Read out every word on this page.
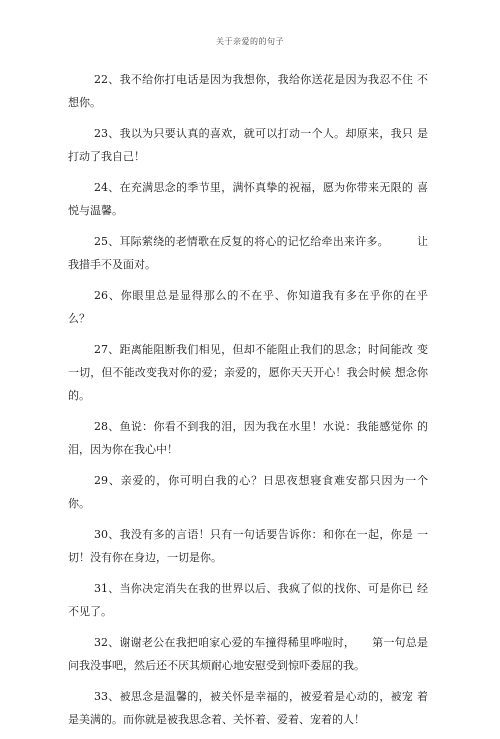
关于亲爱的的句子

22、我不给你打电话是因为我想你，我给你送花是因为我忍不住 不想你。

23、我以为只要认真的喜欢，就可以打动一个人。却原来，我只 是打动了我自己！

24、在充满思念的季节里，满怀真挚的祝福，愿为你带来无限的 喜悦与温馨。

25、耳际萦绕的老情歌在反复的将心的记忆给牵出来许多。　　　让我措手不及面对。

26、你眼里总是显得那么的不在乎、你知道我有多在乎你的在乎 么？

27、距离能阻断我们相见，但却不能阻止我们的思念；时间能改 变一切，但不能改变我对你的爱；亲爱的，愿你天天开心！我会时候 想念你的。

28、鱼说：你看不到我的泪，因为我在水里！水说：我能感觉你 的泪，因为你在我心中！

29、亲爱的，你可明白我的心？日思夜想寝食难安都只因为一个 你。

30、我没有多的言语！只有一句话要告诉你：和你在一起，你是 一切！没有你在身边，一切是你。

31、当你决定消失在我的世界以后、我疯了似的找你、可是你已 经不见了。

32、谢谢老公在我把咱家心爱的车撞得稀里哗啦时，　　第一句总是 问我没事吧，然后还不厌其烦耐心地安慰受到惊吓委屈的我。

33、被思念是温馨的，被关怀是幸福的，被爱着是心动的，被宠 着是美满的。而你就是被我思念着、关怀着、爱着、宠着的人！
